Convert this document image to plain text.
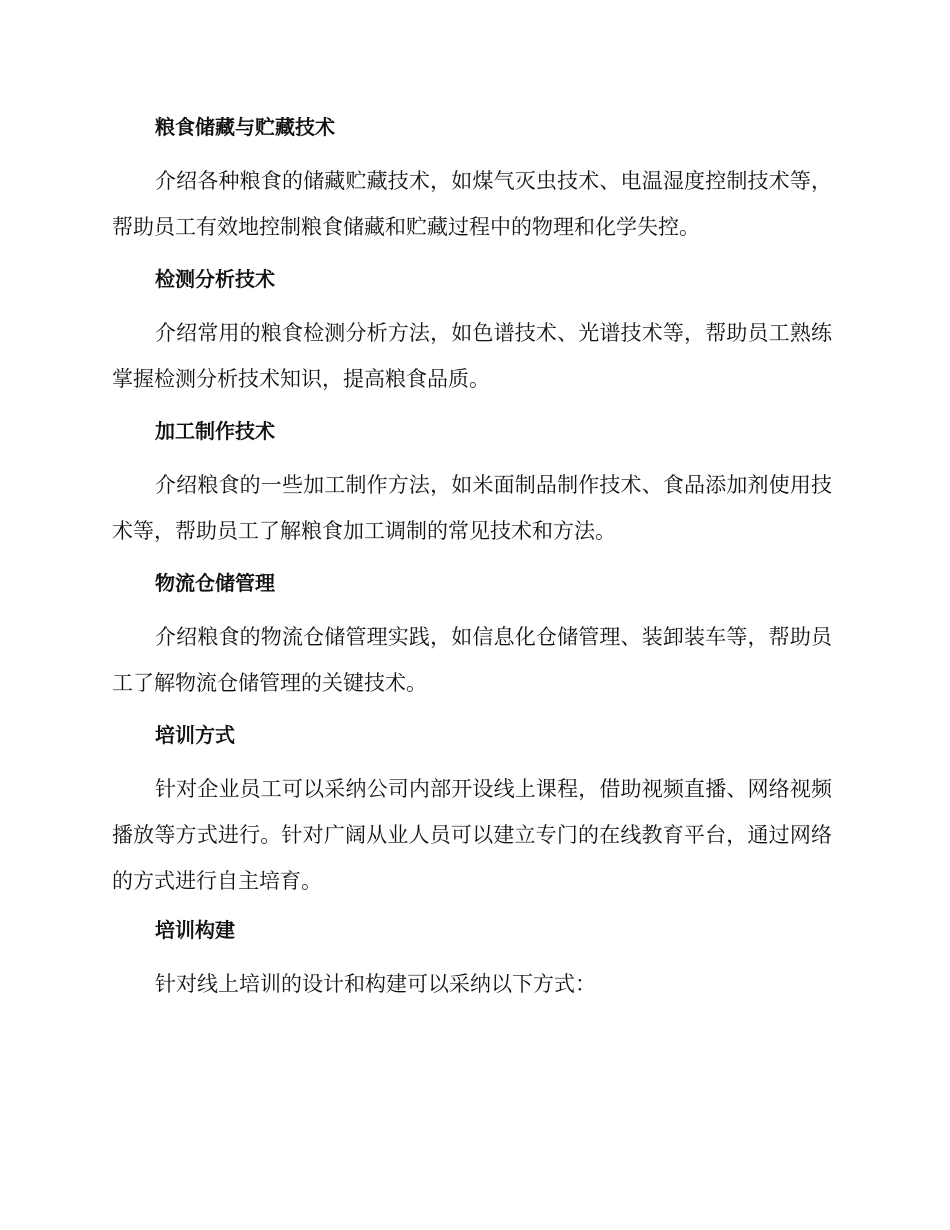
粮食储藏与贮藏技术

介绍各种粮食的储藏贮藏技术，如煤气灭虫技术、电温湿度控制技术等，帮助员工有效地控制粮食储藏和贮藏过程中的物理和化学失控。

检测分析技术

介绍常用的粮食检测分析方法，如色谱技术、光谱技术等，帮助员工熟练掌握检测分析技术知识，提高粮食品质。

加工制作技术

介绍粮食的一些加工制作方法，如米面制品制作技术、食品添加剂使用技术等，帮助员工了解粮食加工调制的常见技术和方法。

物流仓储管理

介绍粮食的物流仓储管理实践，如信息化仓储管理、装卸装车等，帮助员工了解物流仓储管理的关键技术。

培训方式

针对企业员工可以采纳公司内部开设线上课程，借助视频直播、网络视频播放等方式进行。针对广阔从业人员可以建立专门的在线教育平台，通过网络的方式进行自主培育。

培训构建

针对线上培训的设计和构建可以采纳以下方式：
